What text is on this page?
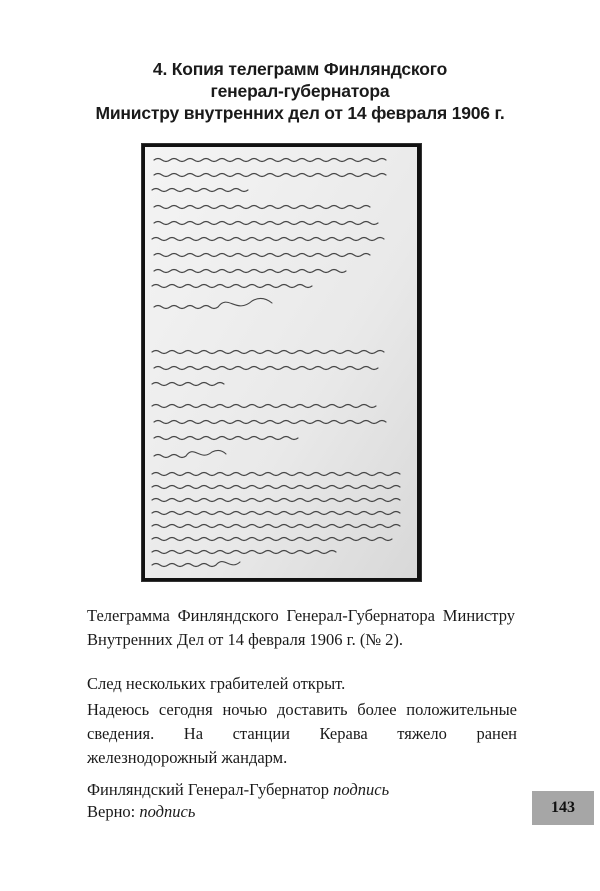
4. Копия телеграмм Финляндского
генерал-губернатора
Министру внутренних дел от 14 февраля 1906 г.
Телеграмма Финляндского Генерал-Губернатора Министру Внутренних Дел от 14 февраля 1906 г. (№ 2).
След нескольких грабителей открыт.
Надеюсь сегодня ночью доставить более положительные сведения. На станции Керава тяжело ранен железнодорожный жандарм.
Финляндский Генерал-Губернатор подпись
Верно: подпись	143
